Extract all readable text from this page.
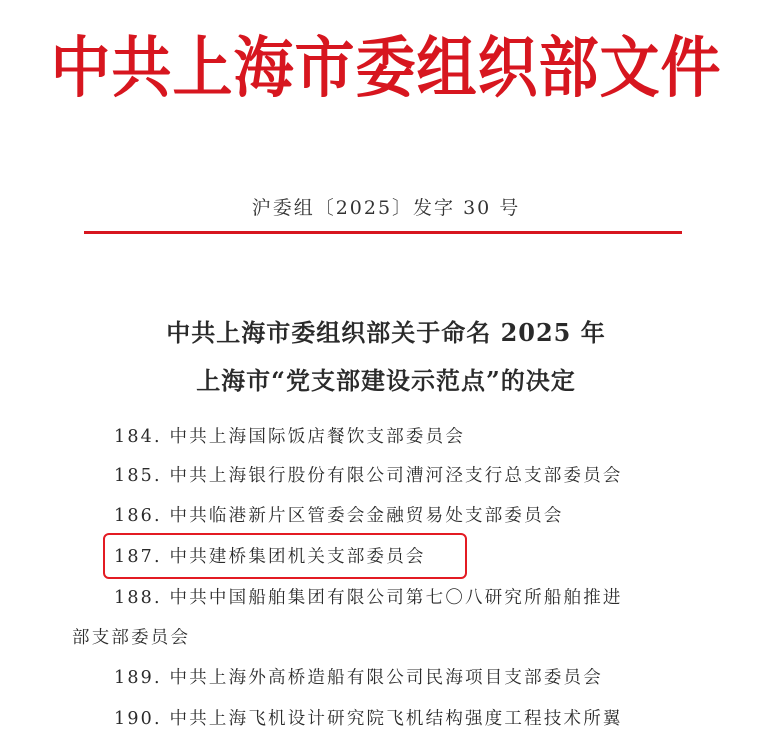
中共上海市委组织部文件
沪委组〔2025〕发字 30 号
中共上海市委组织部关于命名 2025 年
上海市“党支部建设示范点”的决定
184. 中共上海国际饭店餐饮支部委员会
185. 中共上海银行股份有限公司漕河泾支行总支部委员会
186. 中共临港新片区管委会金融贸易处支部委员会
187. 中共建桥集团机关支部委员会
188. 中共中国船舶集团有限公司第七〇八研究所船舶推进
部支部委员会
189. 中共上海外高桥造船有限公司民海项目支部委员会
190. 中共上海飞机设计研究院飞机结构强度工程技术所翼
